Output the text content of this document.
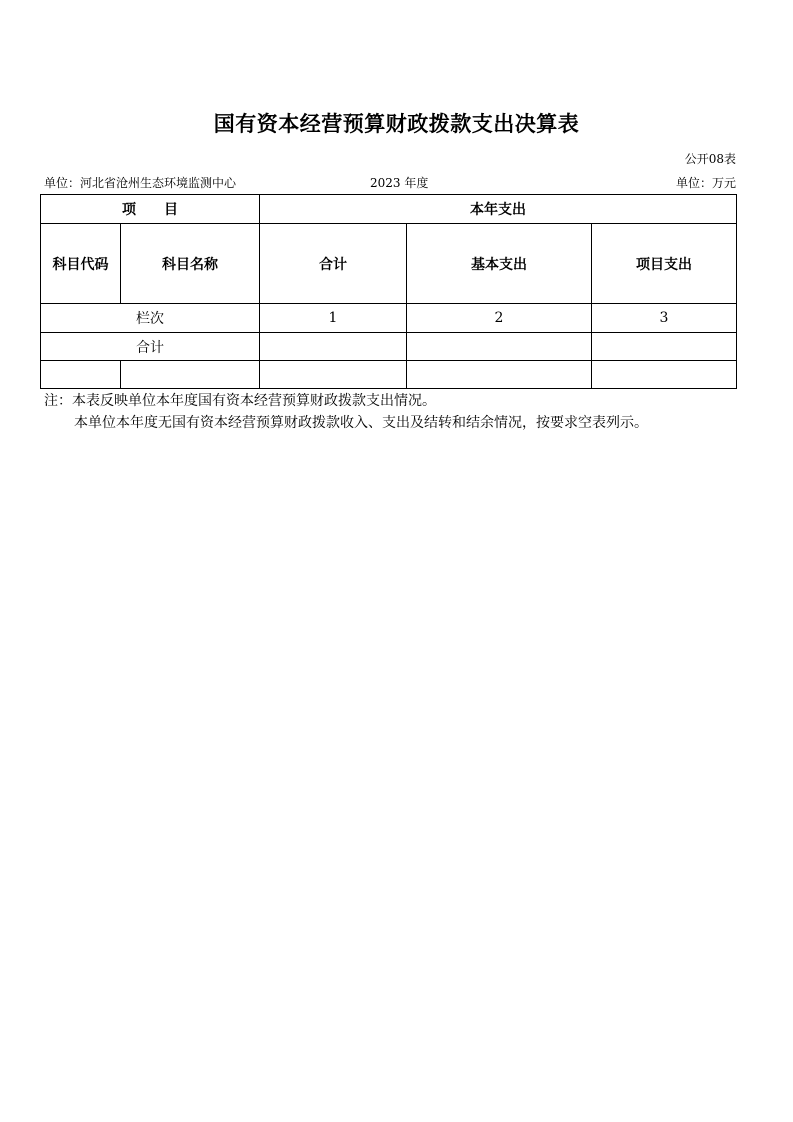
国有资本经营预算财政拨款支出决算表
公开08表
单位：河北省沧州生态环境监测中心	2023 年度	单位：万元
项　　目		本年支出		
科目代码	科目名称	合计	基本支出	项目支出
栏次		1	2	3
合计				

注：本表反映单位本年度国有资本经营预算财政拨款支出情况。
本单位本年度无国有资本经营预算财政拨款收入、支出及结转和结余情况，按要求空表列示。
